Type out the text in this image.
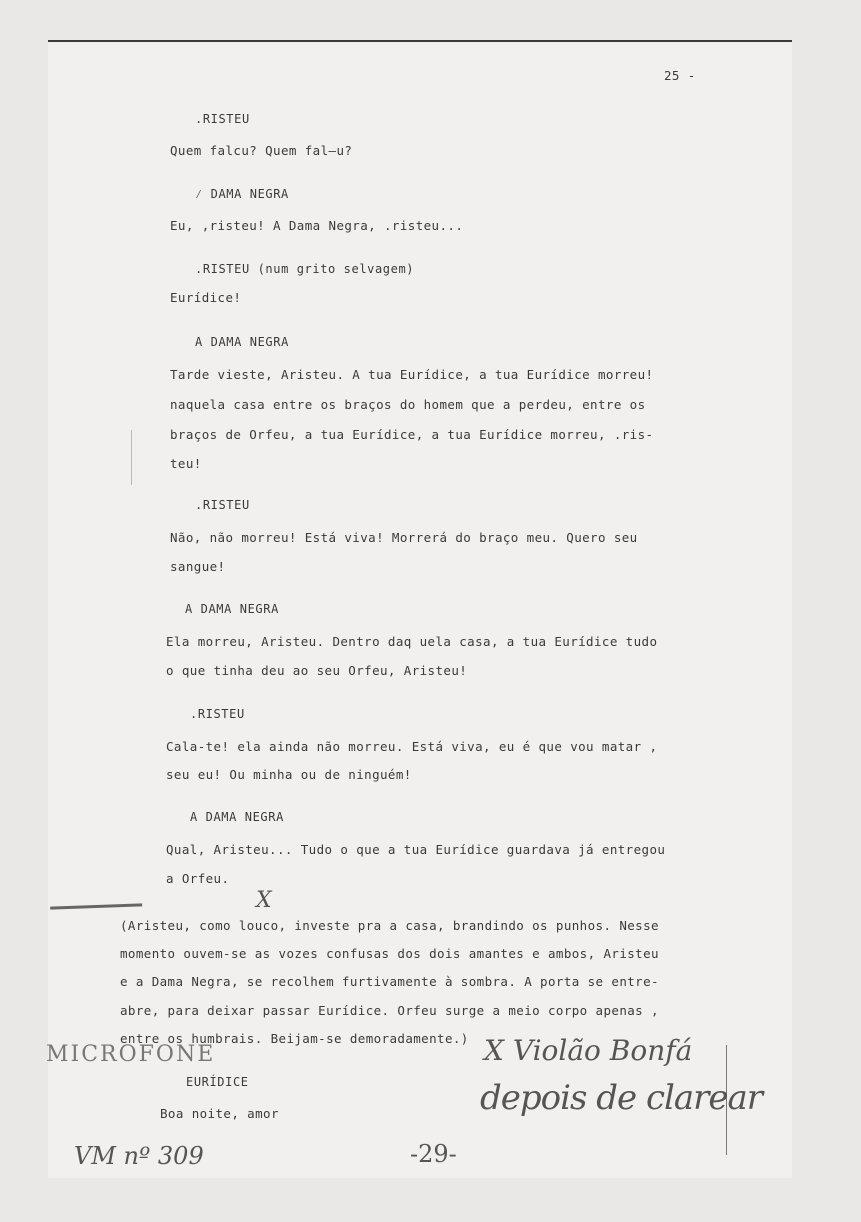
25 -
.RISTEU
Quem falcu? Quem fal—u?
⁄ DAMA NEGRA
Eu, ,risteu! A Dama Negra, .risteu...
.RISTEU (num grito selvagem)
Eurídice!
A DAMA NEGRA
Tarde vieste, Aristeu. A tua Eurídice, a tua Eurídice morreu!
naquela casa entre os braços do homem que a perdeu, entre os
braços de Orfeu, a tua Eurídice, a tua Eurídice morreu, .ris-
teu!
.RISTEU
Não, não morreu! Está viva! Morrerá do braço meu. Quero seu
sangue!
A DAMA NEGRA
Ela morreu, Aristeu. Dentro daq uela casa, a tua Eurídice tudo
o que tinha deu ao seu Orfeu, Aristeu!
.RISTEU
Cala-te! ela ainda não morreu. Está viva, eu é que vou matar ,
seu eu! Ou minha ou de ninguém!
A DAMA NEGRA
Qual, Aristeu... Tudo o que a tua Eurídice guardava já entregou
a Orfeu.
(Aristeu, como louco, investe pra a casa, brandindo os punhos. Nesse
momento ouvem-se as vozes confusas dos dois amantes e ambos, Aristeu
e a Dama Negra, se recolhem furtivamente à sombra. A porta se entre-
abre, para deixar passar Eurídice. Orfeu surge a meio corpo apenas ,
entre os humbrais. Beijam-se demoradamente.)
EURÍDICE
Boa noite, amor
X
MICROFONE	X Violão Bonfá
depois de clarear
VM nº 309	-29-
